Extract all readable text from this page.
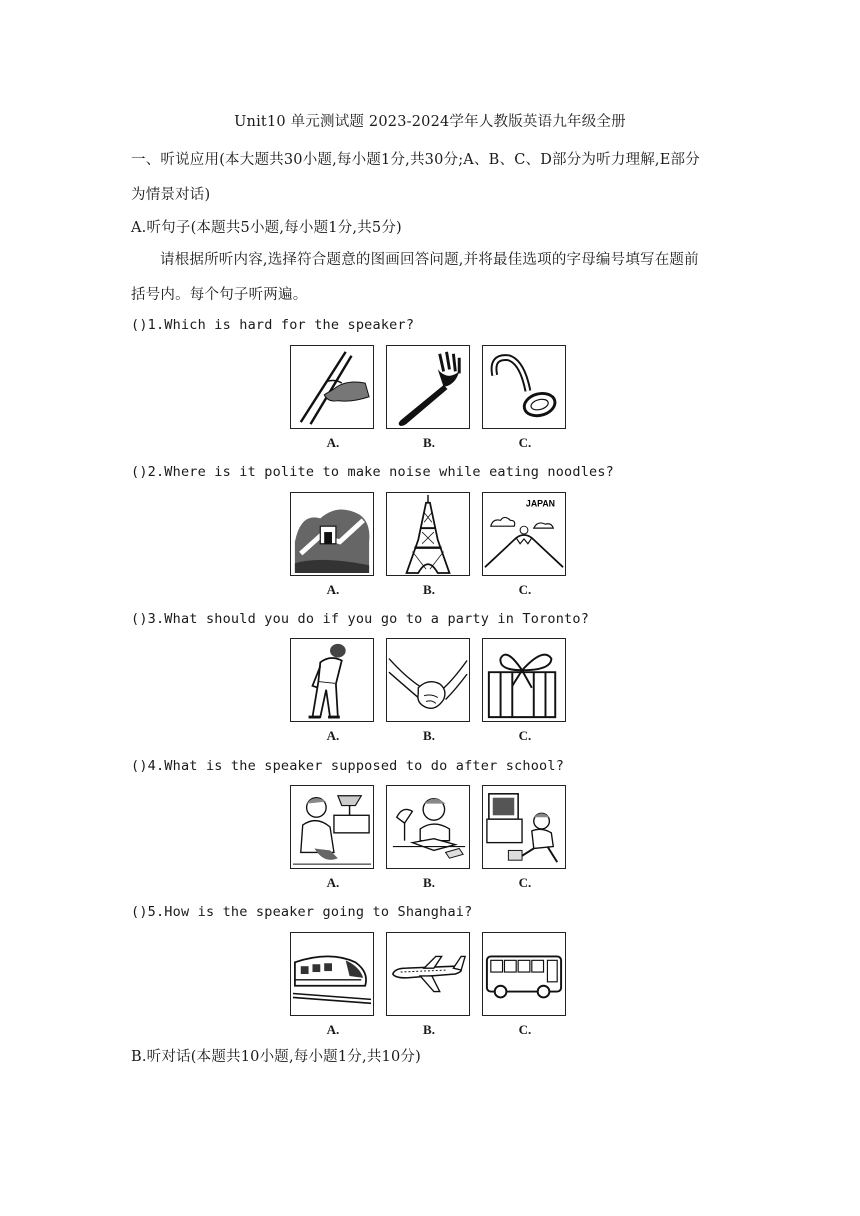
Unit10 单元测试题 2023-2024学年人教版英语九年级全册
一、听说应用(本大题共30小题,每小题1分,共30分;A、B、C、D部分为听力理解,E部分
为情景对话)
A.听句子(本题共5小题,每小题1分,共5分)
请根据所听内容,选择符合题意的图画回答问题,并将最佳选项的字母编号填写在题前
括号内。每个句子听两遍。
()1.Which is hard for the speaker?
A.	B.	C.
()2.Where is it polite to make noise while eating noodles?
JAPAN
A.	B.	C.
()3.What should you do if you go to a party in Toronto?
A.	B.	C.
()4.What is the speaker supposed to do after school?
A.	B.	C.
()5.How is the speaker going to Shanghai?
A.	B.	C.
B.听对话(本题共10小题,每小题1分,共10分)
